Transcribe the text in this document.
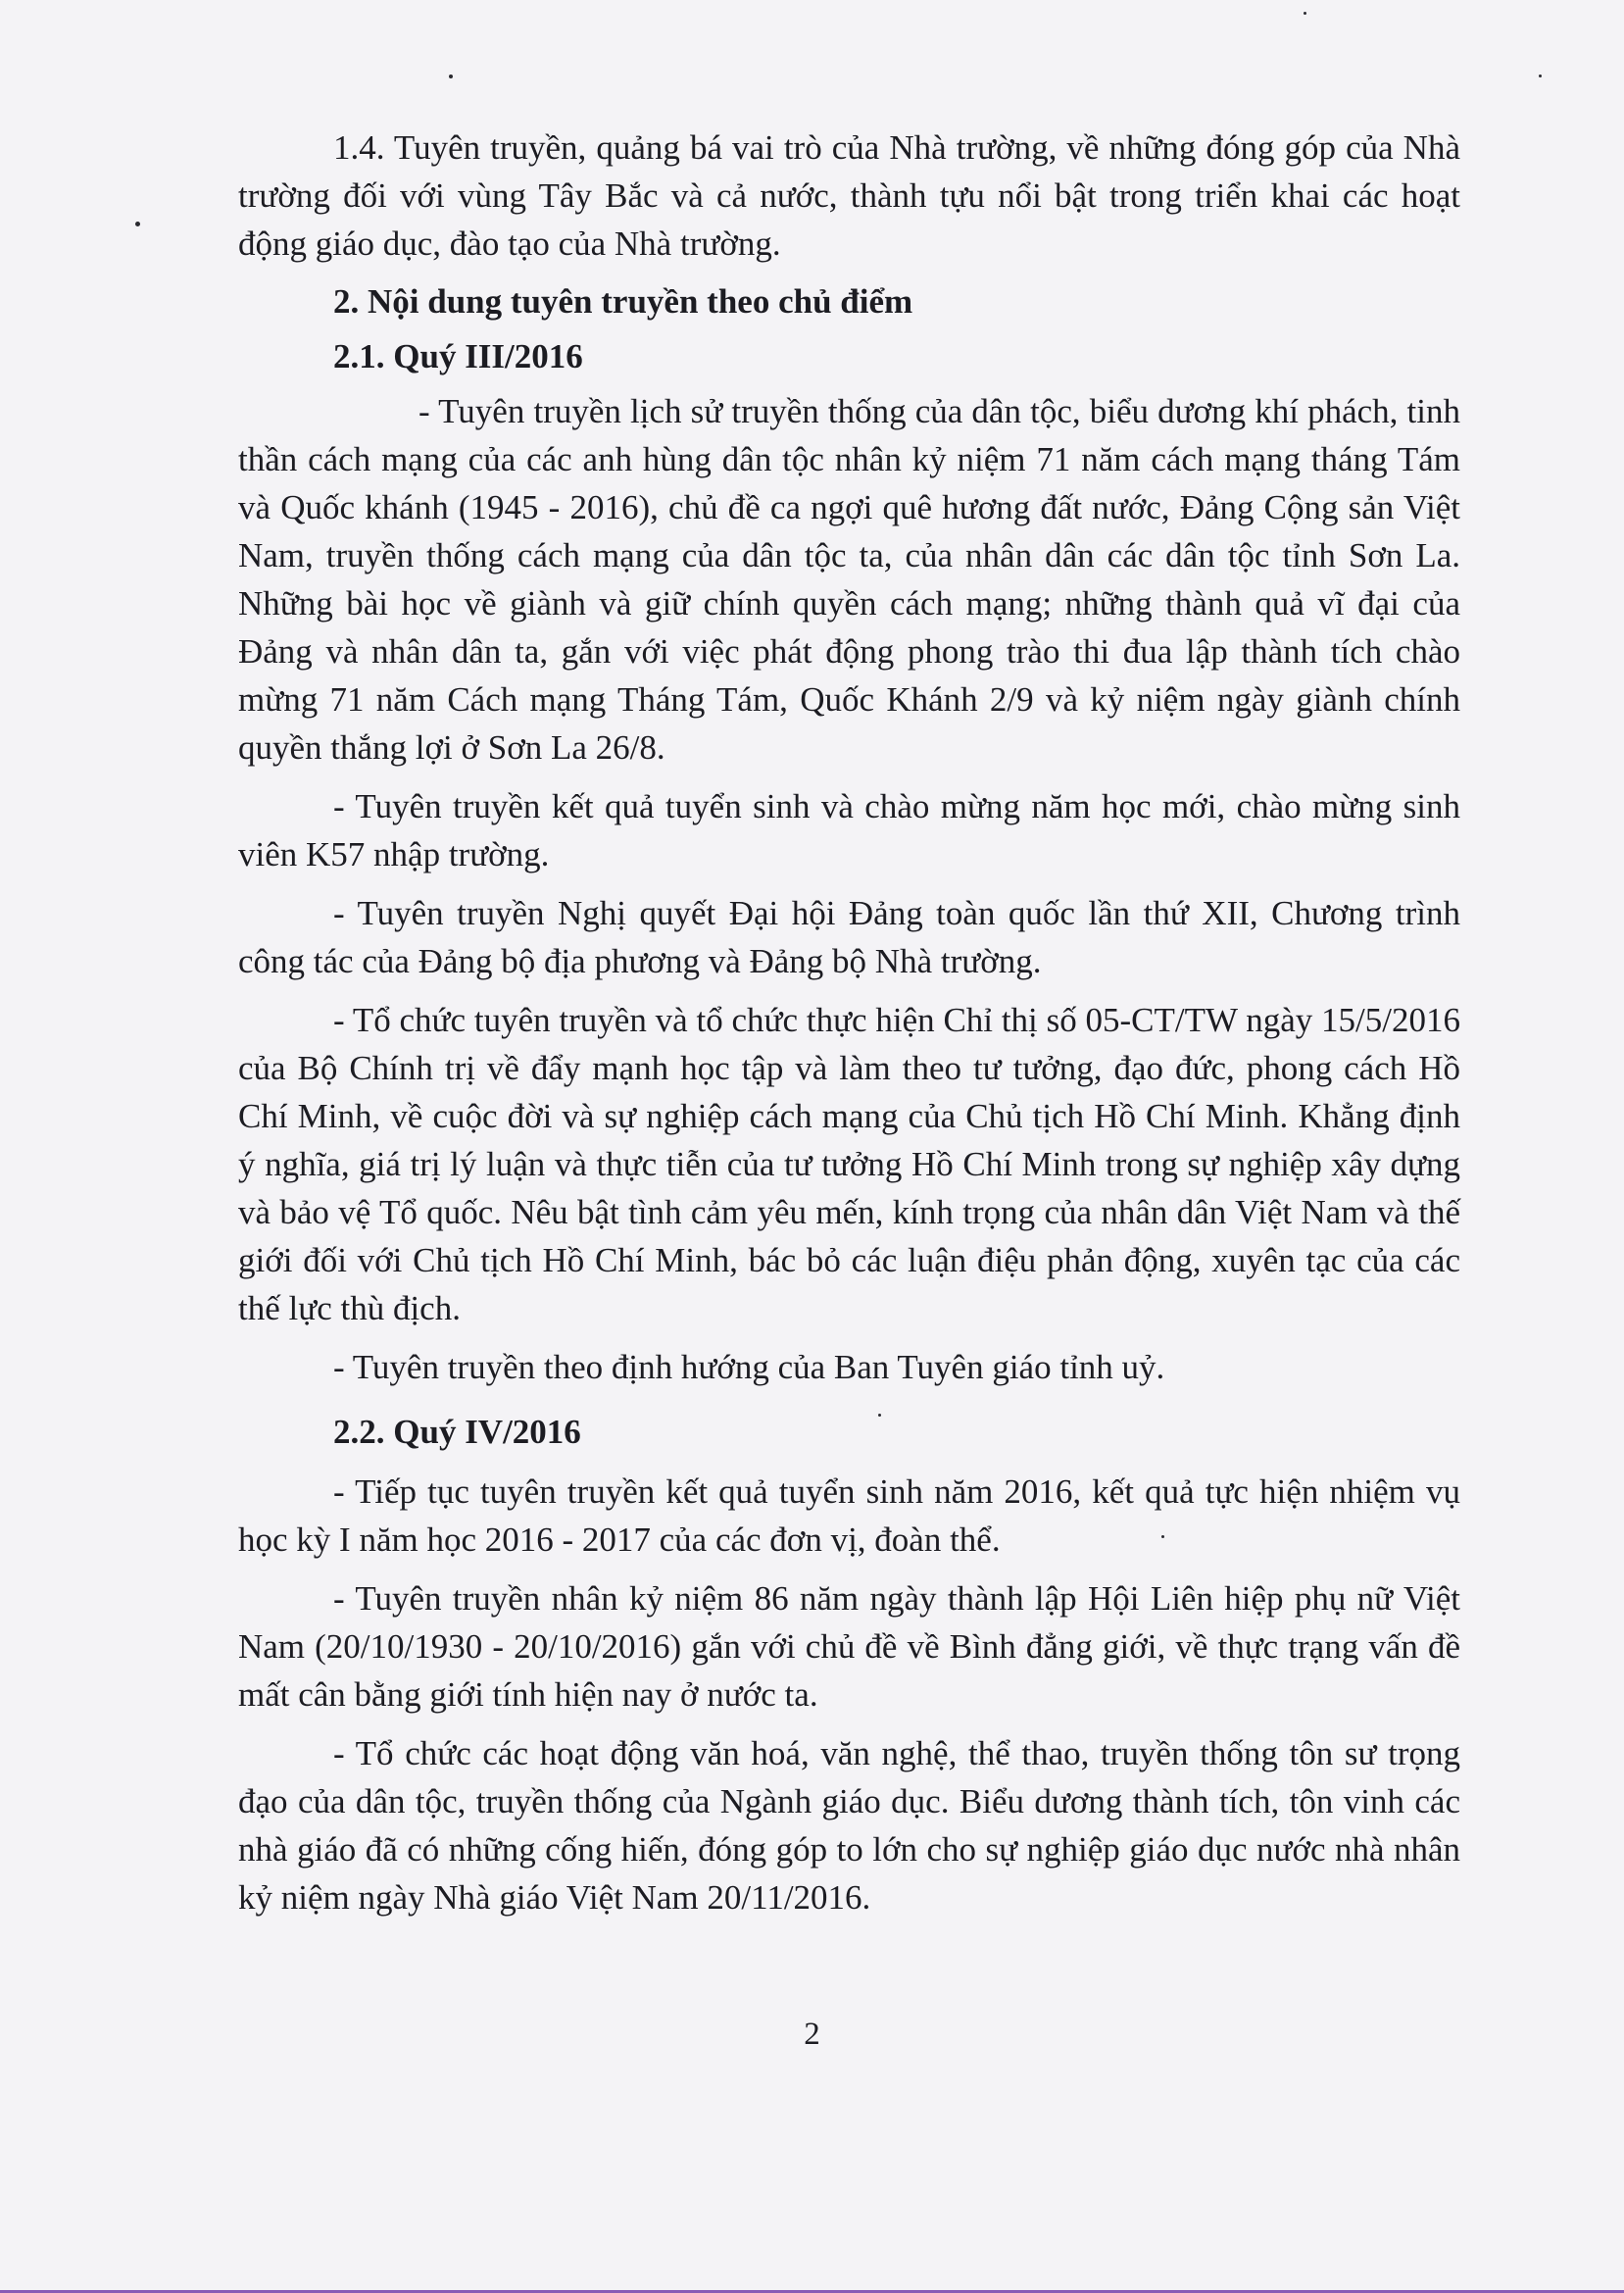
1.4. Tuyên truyền, quảng bá vai trò của Nhà trường, về những đóng góp của Nhà trường đối với vùng Tây Bắc và cả nước, thành tựu nổi bật trong triển khai các hoạt động giáo dục, đào tạo của Nhà trường.

2. Nội dung tuyên truyền theo chủ điểm

2.1. Quý III/2016

- Tuyên truyền lịch sử truyền thống của dân tộc, biểu dương khí phách, tinh thần cách mạng của các anh hùng dân tộc nhân kỷ niệm 71 năm cách mạng tháng Tám và Quốc khánh (1945 - 2016), chủ đề ca ngợi quê hương đất nước, Đảng Cộng sản Việt Nam, truyền thống cách mạng của dân tộc ta, của nhân dân các dân tộc tỉnh Sơn La. Những bài học về giành và giữ chính quyền cách mạng; những thành quả vĩ đại của Đảng và nhân dân ta, gắn với việc phát động phong trào thi đua lập thành tích chào mừng 71 năm Cách mạng Tháng Tám, Quốc Khánh 2/9 và kỷ niệm ngày giành chính quyền thắng lợi ở Sơn La 26/8.

- Tuyên truyền kết quả tuyển sinh và chào mừng năm học mới, chào mừng sinh viên K57 nhập trường.

- Tuyên truyền Nghị quyết Đại hội Đảng toàn quốc lần thứ XII, Chương trình công tác của Đảng bộ địa phương và Đảng bộ Nhà trường.

- Tổ chức tuyên truyền và tổ chức thực hiện Chỉ thị số 05-CT/TW ngày 15/5/2016 của Bộ Chính trị về đẩy mạnh học tập và làm theo tư tưởng, đạo đức, phong cách Hồ Chí Minh, về cuộc đời và sự nghiệp cách mạng của Chủ tịch Hồ Chí Minh. Khẳng định ý nghĩa, giá trị lý luận và thực tiễn của tư tưởng Hồ Chí Minh trong sự nghiệp xây dựng và bảo vệ Tổ quốc. Nêu bật tình cảm yêu mến, kính trọng của nhân dân Việt Nam và thế giới đối với Chủ tịch Hồ Chí Minh, bác bỏ các luận điệu phản động, xuyên tạc của các thế lực thù địch.

- Tuyên truyền theo định hướng của Ban Tuyên giáo tỉnh uỷ.

2.2. Quý IV/2016

- Tiếp tục tuyên truyền kết quả tuyển sinh năm 2016, kết quả tực hiện nhiệm vụ học kỳ I năm học 2016 - 2017 của các đơn vị, đoàn thể.

- Tuyên truyền nhân kỷ niệm 86 năm ngày thành lập Hội Liên hiệp phụ nữ Việt Nam (20/10/1930 - 20/10/2016) gắn với chủ đề về Bình đẳng giới, về thực trạng vấn đề mất cân bằng giới tính hiện nay ở nước ta.

- Tổ chức các hoạt động văn hoá, văn nghệ, thể thao, truyền thống tôn sư trọng đạo của dân tộc, truyền thống của Ngành giáo dục. Biểu dương thành tích, tôn vinh các nhà giáo đã có những cống hiến, đóng góp to lớn cho sự nghiệp giáo dục nước nhà nhân kỷ niệm ngày Nhà giáo Việt Nam 20/11/2016.

2
